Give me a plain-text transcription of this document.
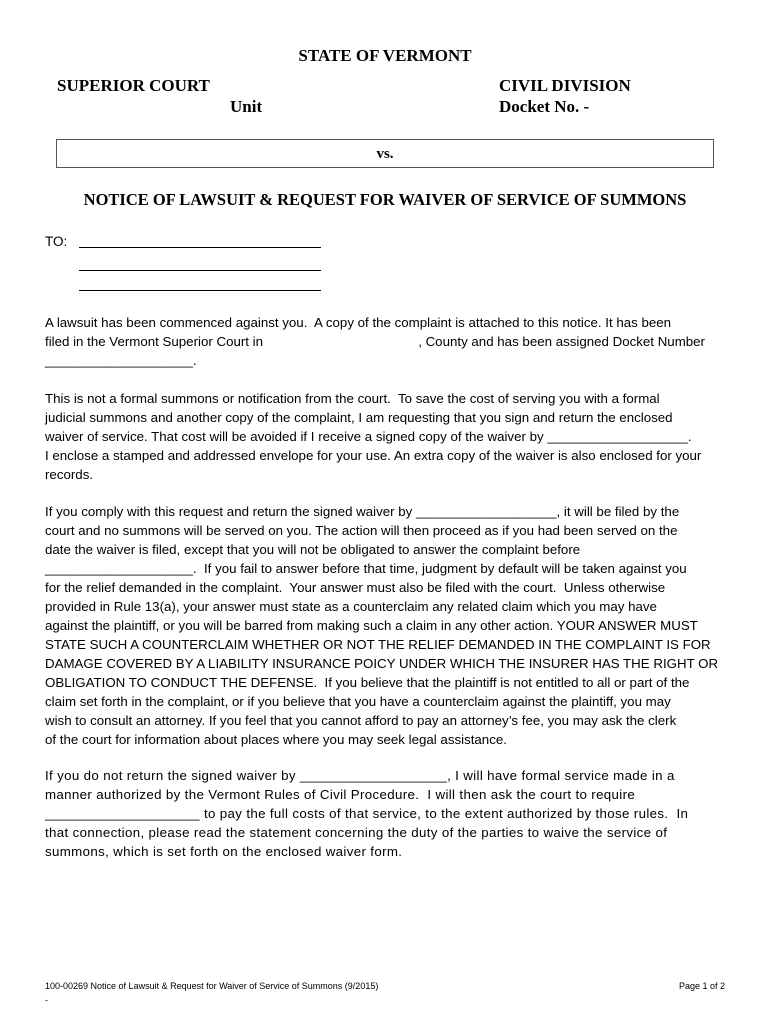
STATE OF VERMONT
SUPERIOR COURT
Unit
CIVIL DIVISION
Docket No. -
vs.
NOTICE OF LAWSUIT & REQUEST FOR WAIVER OF SERVICE OF SUMMONS
TO:
A lawsuit has been commenced against you.  A copy of the complaint is attached to this notice. It has been
filed in the Vermont Superior Court in                                          , County and has been assigned Docket Number
____________________.
This is not a formal summons or notification from the court.  To save the cost of serving you with a formal
judicial summons and another copy of the complaint, I am requesting that you sign and return the enclosed
waiver of service. That cost will be avoided if I receive a signed copy of the waiver by ___________________.
I enclose a stamped and addressed envelope for your use. An extra copy of the waiver is also enclosed for your
records.
If you comply with this request and return the signed waiver by ___________________, it will be filed by the
court and no summons will be served on you. The action will then proceed as if you had been served on the
date the waiver is filed, except that you will not be obligated to answer the complaint before
____________________.  If you fail to answer before that time, judgment by default will be taken against you
for the relief demanded in the complaint.  Your answer must also be filed with the court.  Unless otherwise
provided in Rule 13(a), your answer must state as a counterclaim any related claim which you may have
against the plaintiff, or you will be barred from making such a claim in any other action. YOUR ANSWER MUST
STATE SUCH A COUNTERCLAIM WHETHER OR NOT THE RELIEF DEMANDED IN THE COMPLAINT IS FOR
DAMAGE COVERED BY A LIABILITY INSURANCE POICY UNDER WHICH THE INSURER HAS THE RIGHT OR
OBLIGATION TO CONDUCT THE DEFENSE.  If you believe that the plaintiff is not entitled to all or part of the
claim set forth in the complaint, or if you believe that you have a counterclaim against the plaintiff, you may
wish to consult an attorney. If you feel that you cannot afford to pay an attorney’s fee, you may ask the clerk
of the court for information about places where you may seek legal assistance.
If you do not return the signed waiver by ___________________, I will have formal service made in a
manner authorized by the Vermont Rules of Civil Procedure.  I will then ask the court to require
____________________ to pay the full costs of that service, to the extent authorized by those rules.  In
that connection, please read the statement concerning the duty of the parties to waive the service of
summons, which is set forth on the enclosed waiver form.
100-00269 Notice of Lawsuit & Request for Waiver of Service of Summons (9/2015)	Page 1 of 2
-
